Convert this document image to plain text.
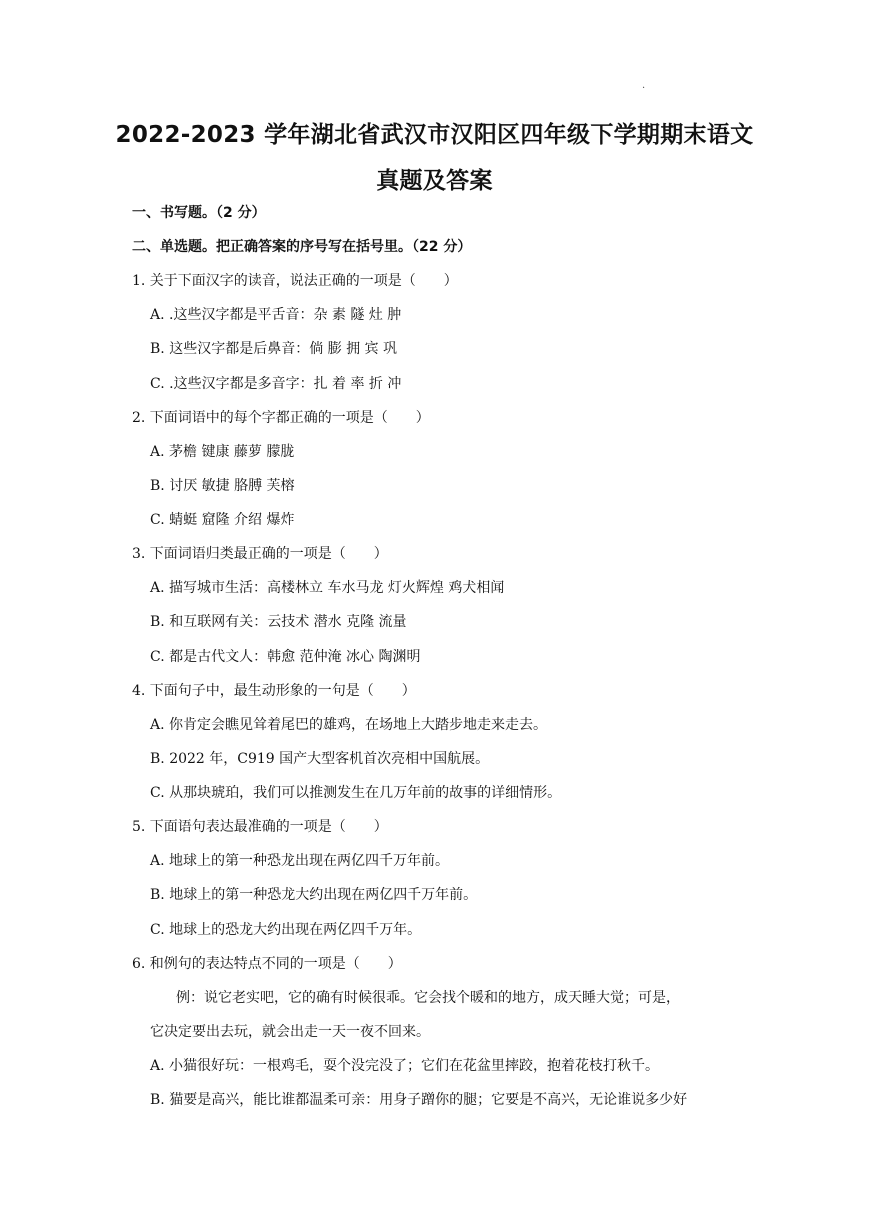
·
2022-2023 学年湖北省武汉市汉阳区四年级下学期期末语文
真题及答案
一、书写题。（2 分）
二、单选题。把正确答案的序号写在括号里。（22 分）
1. 关于下面汉字的读音，说法正确的一项是（　　）
A. .这些汉字都是平舌音：杂 素 隧 灶 肿
B. 这些汉字都是后鼻音：倘 膨 拥 宾 巩
C. .这些汉字都是多音字：扎 着 率 折 冲
2. 下面词语中的每个字都正确的一项是（　　）
A. 茅檐 键康 藤萝 朦胧
B. 讨厌 敏捷 胳膊 芙榕
C. 蜻蜓 窟隆 介绍 爆炸
3. 下面词语归类最正确的一项是（　　）
A. 描写城市生活：高楼林立 车水马龙 灯火辉煌 鸡犬相闻
B. 和互联网有关：云技术 潜水 克隆 流量
C. 都是古代文人：韩愈 范仲淹 冰心 陶渊明
4. 下面句子中，最生动形象的一句是（　　）
A. 你肯定会瞧见耸着尾巴的雄鸡，在场地上大踏步地走来走去。
B. 2022 年，C919 国产大型客机首次亮相中国航展。
C. 从那块琥珀，我们可以推测发生在几万年前的故事的详细情形。
5. 下面语句表达最准确的一项是（　　）
A. 地球上的第一种恐龙出现在两亿四千万年前。
B. 地球上的第一种恐龙大约出现在两亿四千万年前。
C. 地球上的恐龙大约出现在两亿四千万年。
6. 和例句的表达特点不同的一项是（　　）
例：说它老实吧，它的确有时候很乖。它会找个暖和的地方，成天睡大觉；可是，
它决定要出去玩，就会出走一天一夜不回来。
A. 小猫很好玩：一根鸡毛，耍个没完没了；它们在花盆里摔跤，抱着花枝打秋千。
B. 猫要是高兴，能比谁都温柔可亲：用身子蹭你的腿；它要是不高兴，无论谁说多少好
